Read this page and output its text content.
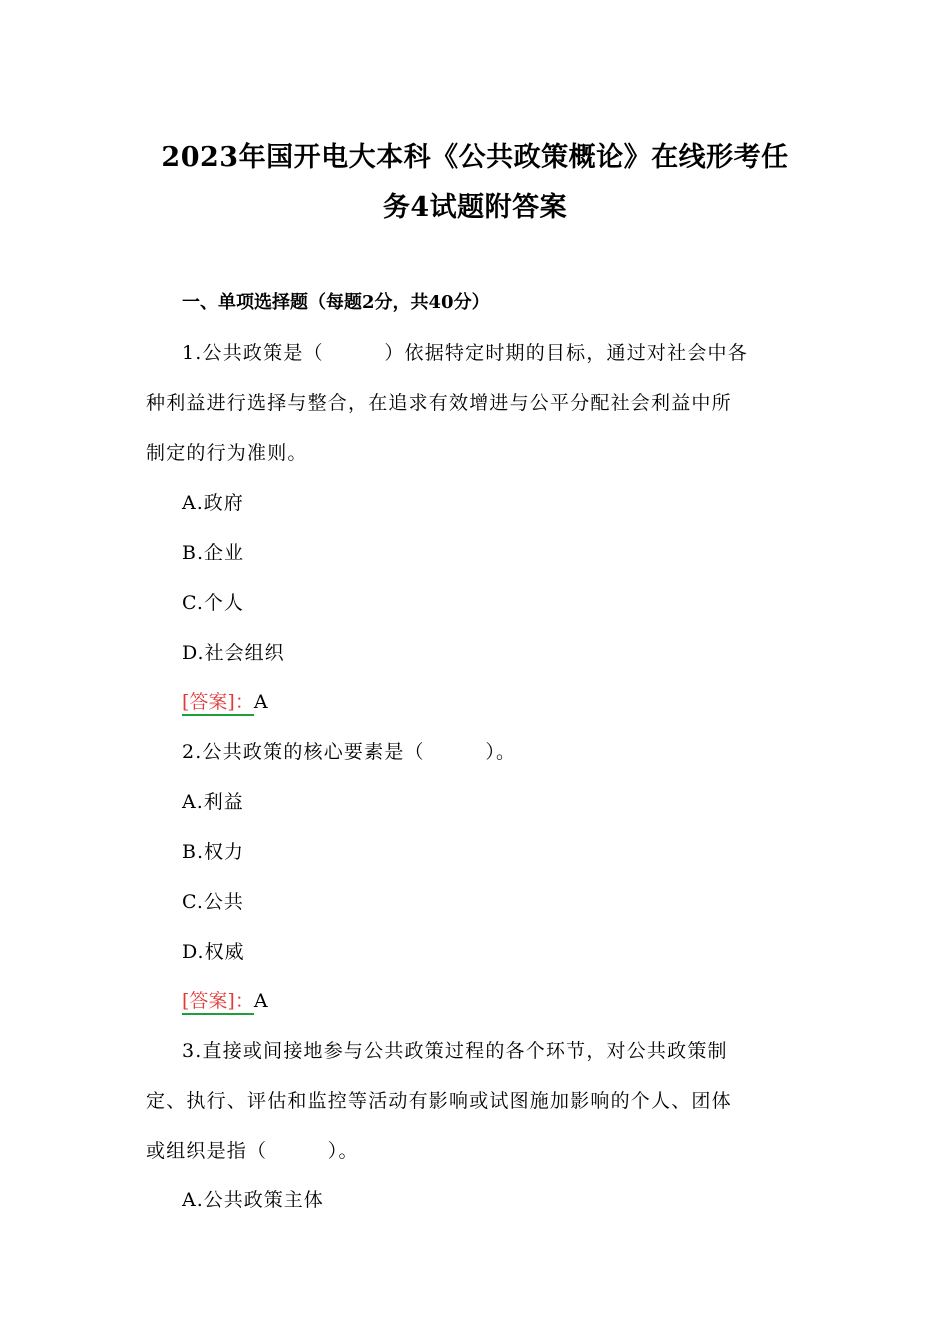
2023年国开电大本科《公共政策概论》在线形考任
务4试题附答案
一、单项选择题（每题2分，共40分）
1.公共政策是（　　　）依据特定时期的目标，通过对社会中各
种利益进行选择与整合，在追求有效增进与公平分配社会利益中所
制定的行为准则。
A.政府
B.企业
C.个人
D.社会组织
[答案]：A
2.公共政策的核心要素是（　　　）。
A.利益
B.权力
C.公共
D.权威
[答案]：A
3.直接或间接地参与公共政策过程的各个环节，对公共政策制
定、执行、评估和监控等活动有影响或试图施加影响的个人、团体
或组织是指（　　　）。
A.公共政策主体
